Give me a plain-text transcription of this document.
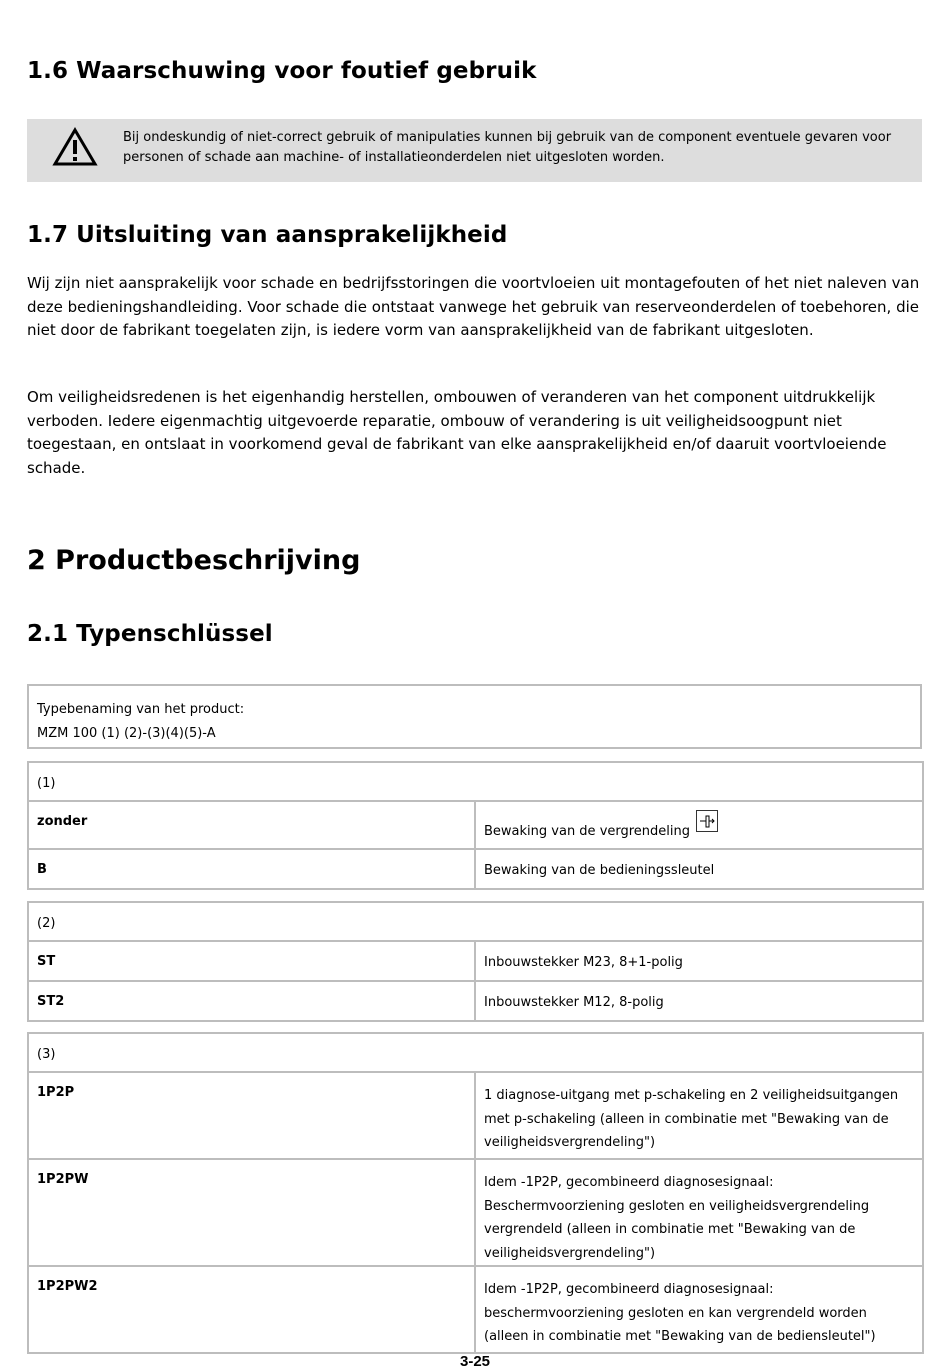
1.6 Waarschuwing voor foutief gebruik
Bij ondeskundig of niet-correct gebruik of manipulaties kunnen bij gebruik van de component eventuele gevaren voor personen of schade aan machine- of installatieonderdelen niet uitgesloten worden.
1.7 Uitsluiting van aansprakelijkheid

Wij zijn niet aansprakelijk voor schade en bedrijfsstoringen die voortvloeien uit montagefouten of het niet naleven van deze bedieningshandleiding. Voor schade die ontstaat vanwege het gebruik van reserveonderdelen of toebehoren, die niet door de fabrikant toegelaten zijn, is iedere vorm van aansprakelijkheid van de fabrikant uitgesloten.

Om veiligheidsredenen is het eigenhandig herstellen, ombouwen of veranderen van het component uitdrukkelijk verboden. Iedere eigenmachtig uitgevoerde reparatie, ombouw of verandering is uit veiligheidsoogpunt niet toegestaan, en ontslaat in voorkomend geval de fabrikant van elke aansprakelijkheid en/of daaruit voortvloeiende schade.

2 Productbeschrijving
2.1 Typenschlüssel
Typebenaming van het product:
MZM 100 (1) (2)-(3)(4)(5)-A
(1)	
zonder	Bewaking van de vergrendeling
B	Bewaking van de bedieningssleutel
(2)	
ST	Inbouwstekker M23, 8+1-polig
ST2	Inbouwstekker M12, 8-polig
(3)	
1P2P	1 diagnose-uitgang met p-schakeling en 2 veiligheidsuitgangen met p-schakeling (alleen in combinatie met "Bewaking van de veiligheidsvergrendeling")
1P2PW	Idem -1P2P, gecombineerd diagnosesignaal: Beschermvoorziening gesloten en veiligheidsvergrendeling vergrendeld (alleen in combinatie met "Bewaking van de veiligheidsvergrendeling")
1P2PW2	Idem -1P2P, gecombineerd diagnosesignaal: beschermvoorziening gesloten en kan vergrendeld worden (alleen in combinatie met "Bewaking van de bediensleutel")
3-25
